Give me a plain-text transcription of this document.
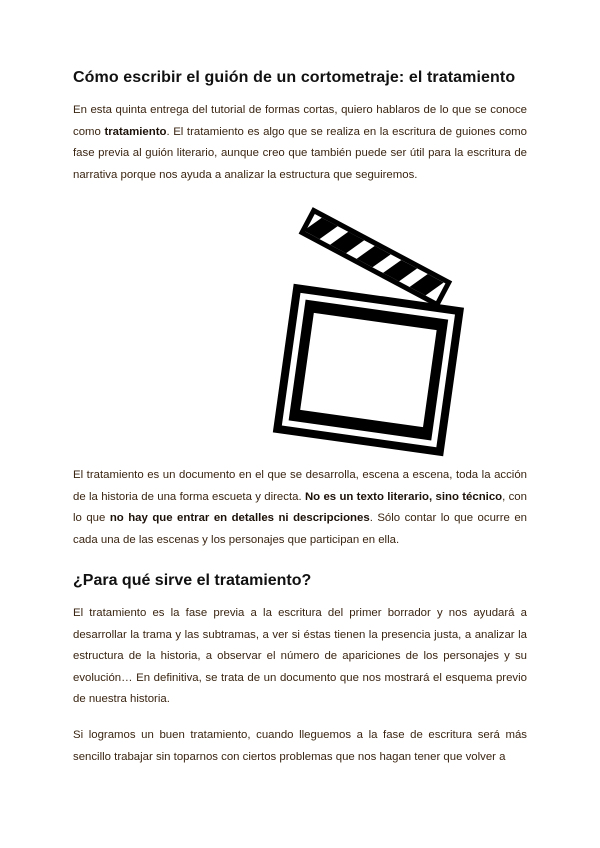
Cómo escribir el guión de un cortometraje: el tratamiento

En esta quinta entrega del tutorial de formas cortas, quiero hablaros de lo que se conoce como tratamiento. El tratamiento es algo que se realiza en la escritura de guiones como fase previa al guión literario, aunque creo que también puede ser útil para la escritura de narrativa porque nos ayuda a analizar la estructura que seguiremos.

El tratamiento es un documento en el que se desarrolla, escena a escena, toda la acción de la historia de una forma escueta y directa. No es un texto literario, sino técnico, con lo que no hay que entrar en detalles ni descripciones. Sólo contar lo que ocurre en cada una de las escenas y los personajes que participan en ella.

¿Para qué sirve el tratamiento?

El tratamiento es la fase previa a la escritura del primer borrador y nos ayudará a desarrollar la trama y las subtramas, a ver si éstas tienen la presencia justa, a analizar la estructura de la historia, a observar el número de apariciones de los personajes y su evolución… En definitiva, se trata de un documento que nos mostrará el esquema previo de nuestra historia.

Si logramos un buen tratamiento, cuando lleguemos a la fase de escritura será más sencillo trabajar sin toparnos con ciertos problemas que nos hagan tener que volver a
